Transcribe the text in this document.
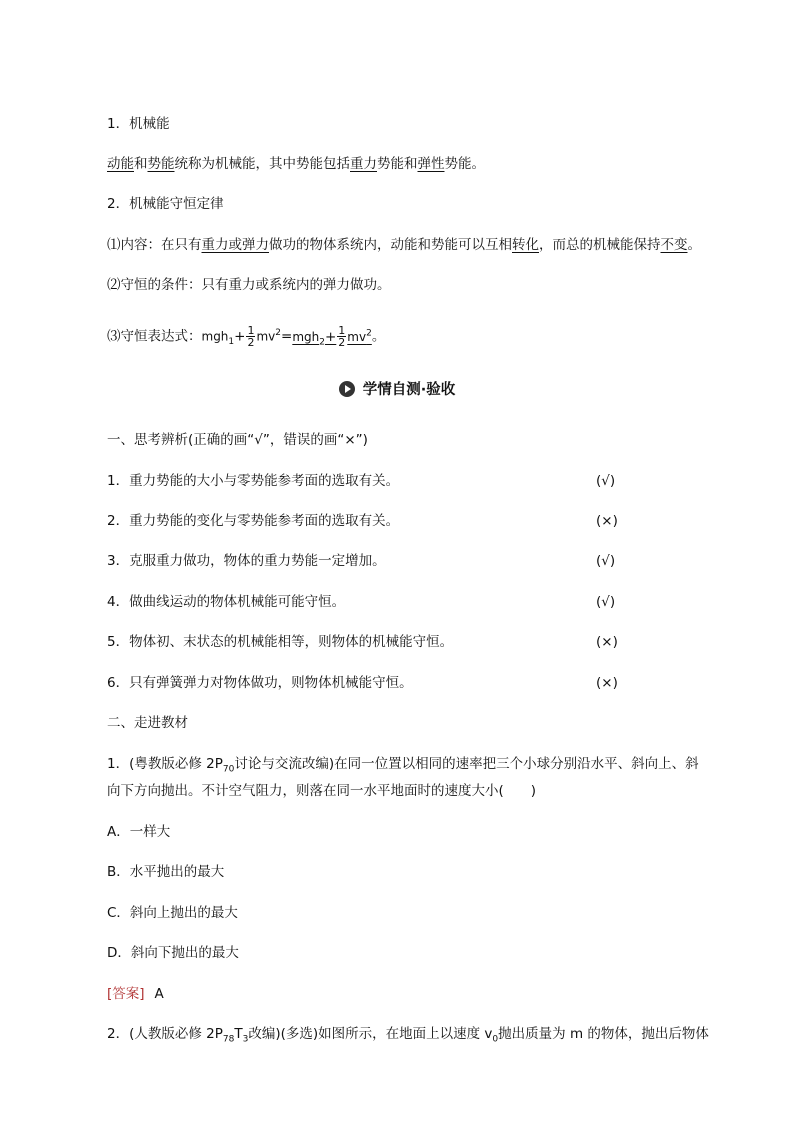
1．机械能
动能和势能统称为机械能，其中势能包括重力势能和弹性势能。
2．机械能守恒定律
⑴内容：在只有重力或弹力做功的物体系统内，动能和势能可以互相转化，而总的机械能保持不变。
⑵守恒的条件：只有重力或系统内的弹力做功。
⑶守恒表达式：$mgh_1+ \frac{1}{2} mv^2=mgh_2+ \frac{1}{2} mv^2$。
学情自测·验收
一、思考辨析(正确的画“√”，错误的画“×”)
1．重力势能的大小与零势能参考面的选取有关。	(√)
2．重力势能的变化与零势能参考面的选取有关。	(×)
3．克服重力做功，物体的重力势能一定增加。	(√)
4．做曲线运动的物体机械能可能守恒。	(√)
5．物体初、末状态的机械能相等，则物体的机械能守恒。	(×)
6．只有弹簧弹力对物体做功，则物体机械能守恒。	(×)
二、走进教材
1．(粤教版必修 $2P_{70}$讨论与交流改编)在同一位置以相同的速率把三个小球分别沿水平、斜向上、斜
向下方向抛出。不计空气阻力，则落在同一水平地面时的速度大小(　　)
A．一样大
B．水平抛出的最大
C．斜向上抛出的最大
D．斜向下抛出的最大
[答案] A
2．(人教版必修 $2P_{78}T_3$改编)(多选)如图所示，在地面上以速度 $v_0$抛出质量为 m 的物体，抛出后物体
